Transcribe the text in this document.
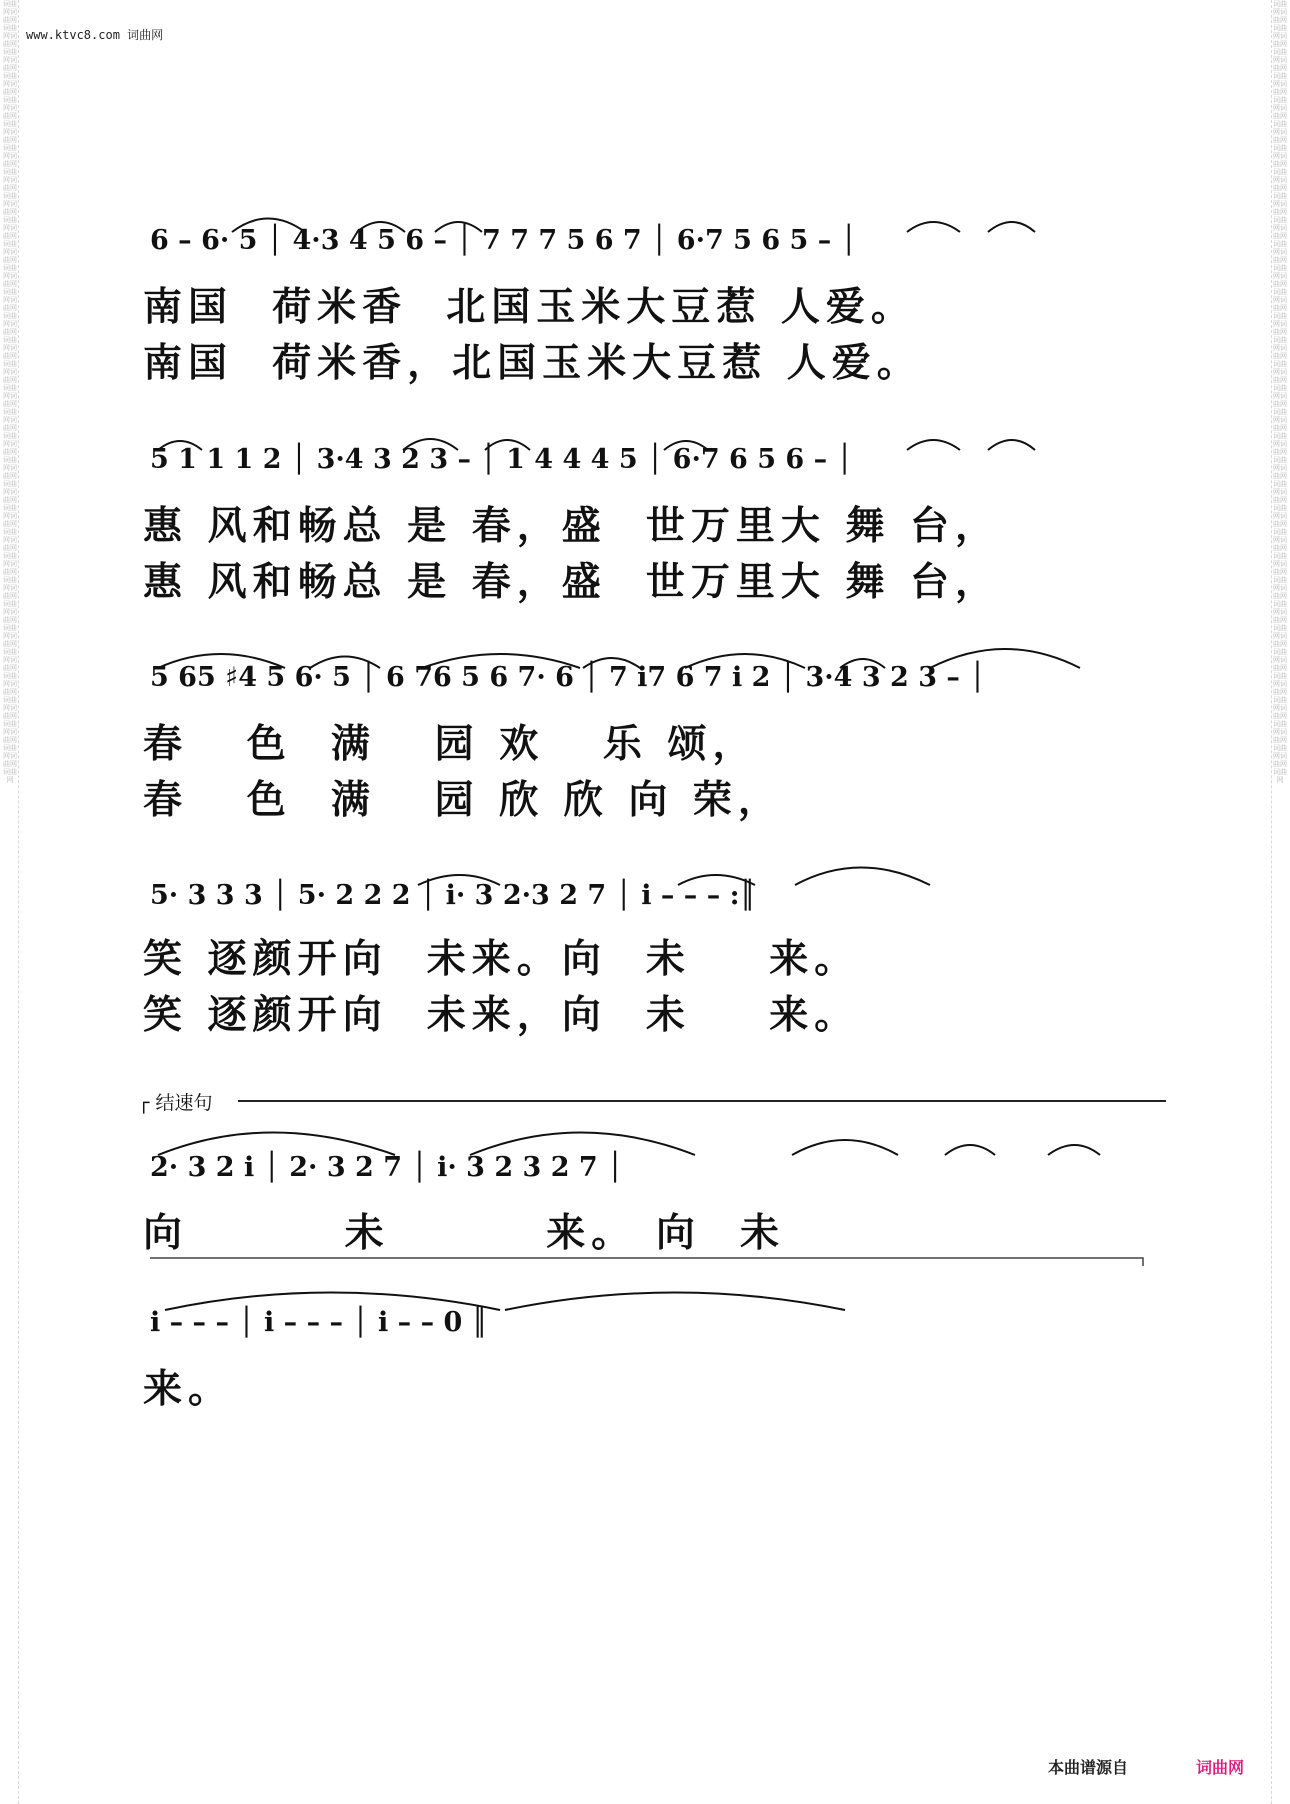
词曲网词曲网词曲网词曲网词曲网词曲网词曲网词曲网词曲网词曲网词曲网词曲网词曲网词曲网词曲网词曲网词曲网词曲网词曲网词曲网词曲网词曲网词曲网词曲网词曲网词曲网词曲网词曲网词曲网词曲网词曲网词曲网词曲网词曲网词曲网词曲网词曲网词曲网词曲网词曲网词曲网词曲网词曲网词曲网词曲网词曲网词曲网词曲网词曲网词曲网词曲网词曲网词曲网词曲网词曲网词曲网词曲网词曲网词曲网词曲网词曲网词曲网词曲网词曲网词曲网
词曲网词曲网词曲网词曲网词曲网词曲网词曲网词曲网词曲网词曲网词曲网词曲网词曲网词曲网词曲网词曲网词曲网词曲网词曲网词曲网词曲网词曲网词曲网词曲网词曲网词曲网词曲网词曲网词曲网词曲网词曲网词曲网词曲网词曲网词曲网词曲网词曲网词曲网词曲网词曲网词曲网词曲网词曲网词曲网词曲网词曲网词曲网词曲网词曲网词曲网词曲网词曲网词曲网词曲网词曲网词曲网词曲网词曲网词曲网词曲网词曲网词曲网词曲网词曲网词曲网
www.ktvc8.com 词曲网
6 – 6· 5 │ 4·3 4 5 6 – │ 7 7 7 5 6 7 │ 6·7 5 6 5 – │
南国  荷米香  北国玉米大豆惹 人爱。
南国  荷米香，北国玉米大豆惹 人爱。
5 1 1 1 2 │ 3·4 3 2 3 – │ 1 4 4 4 5 │ 6·7 6 5 6 – │
惠 风和畅总 是 春，盛  世万里大 舞 台，
惠 风和畅总 是 春，盛  世万里大 舞 台，
5 65 ♯4 5 6· 5 │ 6 76 5 6 7· 6 │ 7 i7 6 7 i 2 │ 3·4 3 2 3 – │
春   色  满   园 欢   乐 颂，
春   色  满   园 欣 欣 向 荣，
5· 3 3 3 │ 5· 2 2 2 │ i· 3 2·3 2 7 │ i – – – :║
笑 逐颜开向  未来。向  未    来。
笑 逐颜开向  未来，向  未    来。
┌ 结速句
2· 3 2 i │ 2· 3 2 7 │ i· 3 2 3 2 7 │
向        未        来。 向  未
i – – – │ i – – – │ i – – 0 ║
来。
本曲谱源自	词曲网
